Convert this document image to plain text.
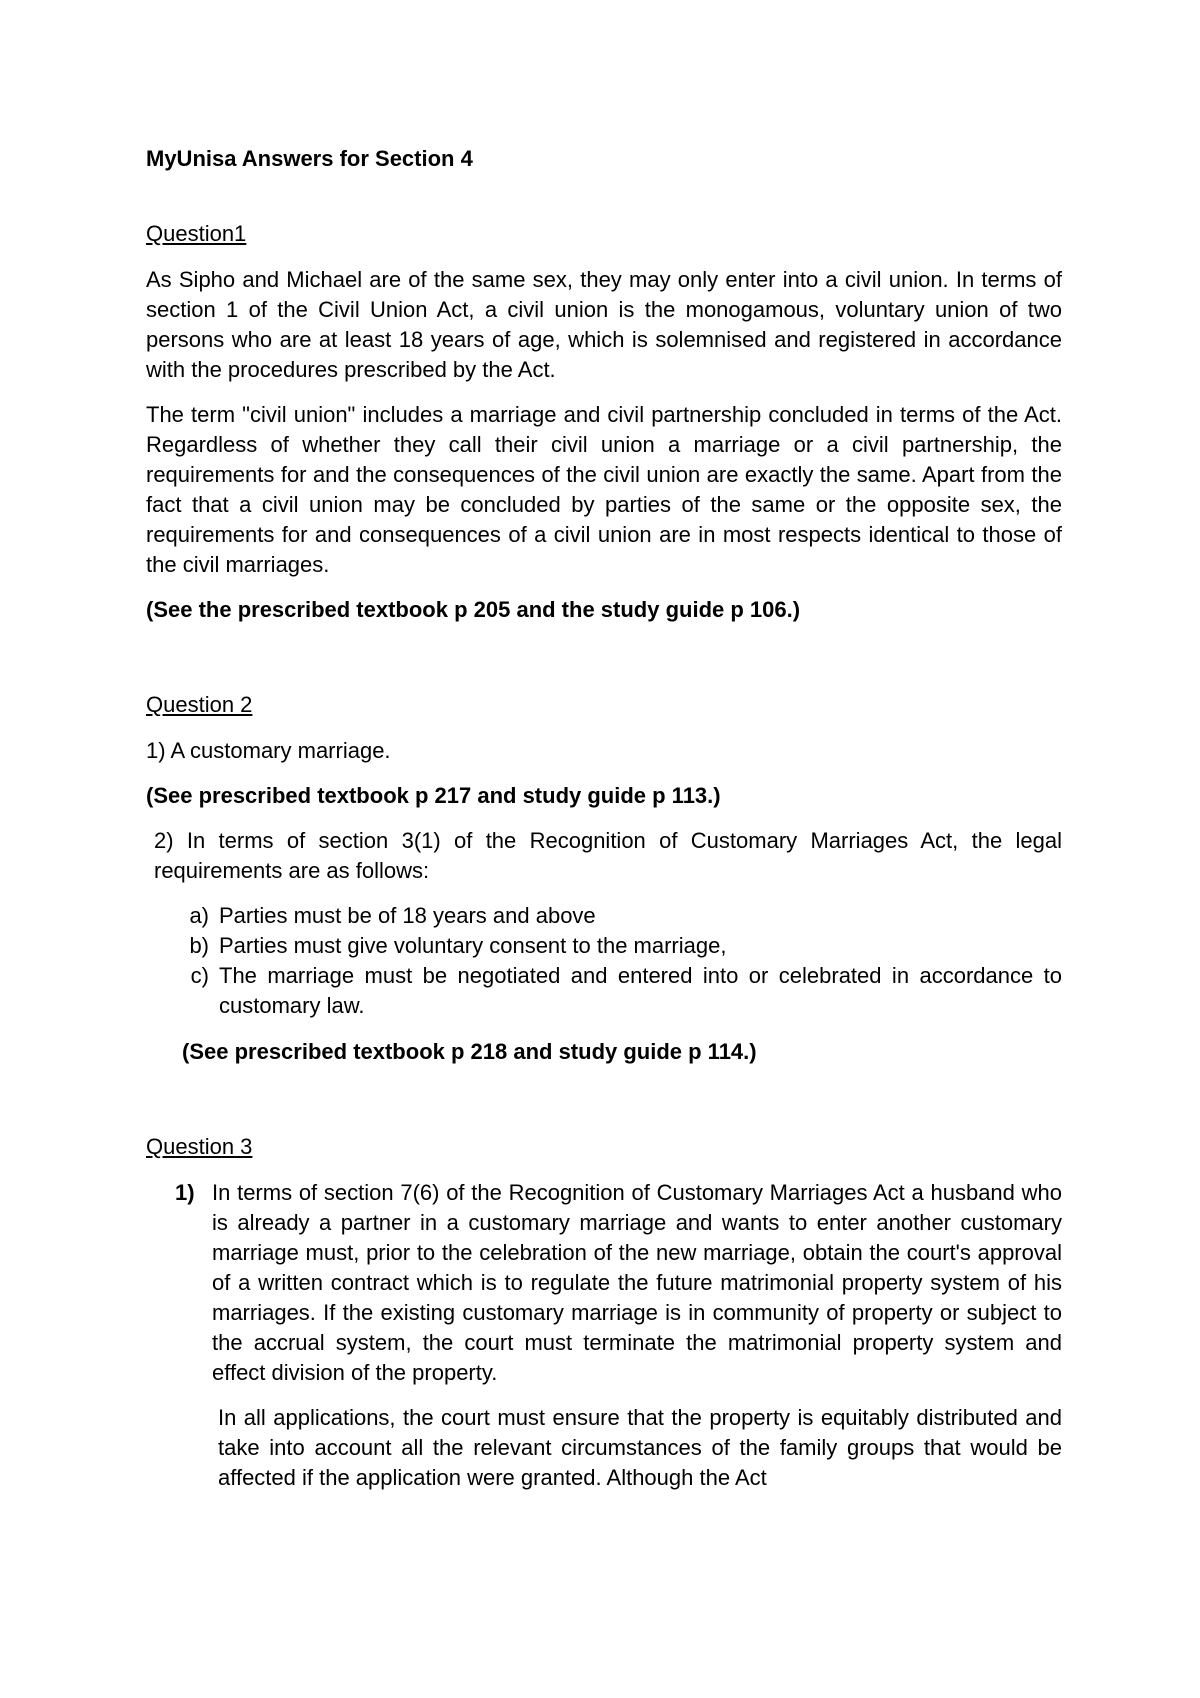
MyUnisa Answers for Section 4
Question1

As Sipho and Michael are of the same sex, they may only enter into a civil union. In terms of section 1 of the Civil Union Act, a civil union is the monogamous, voluntary union of two persons who are at least 18 years of age, which is solemnised and registered in accordance with the procedures prescribed by the Act.

The term "civil union" includes a marriage and civil partnership concluded in terms of the Act. Regardless of whether they call their civil union a marriage or a civil partnership, the requirements for and the consequences of the civil union are exactly the same. Apart from the fact that a civil union may be concluded by parties of the same or the opposite sex, the requirements for and consequences of a civil union are in most respects identical to those of the civil marriages.

(See the prescribed textbook p 205 and the study guide p 106.)
Question 2

1) A customary marriage.

(See prescribed textbook p 217 and study guide p 113.)

2) In terms of section 3(1) of the Recognition of Customary Marriages Act, the legal requirements are as follows:

a) Parties must be of 18 years and above
b) Parties must give voluntary consent to the marriage,
c) The marriage must be negotiated and entered into or celebrated in accordance to customary law.
(See prescribed textbook p 218 and study guide p 114.)
Question 3
1) In terms of section 7(6) of the Recognition of Customary Marriages Act a husband who is already a partner in a customary marriage and wants to enter another customary marriage must, prior to the celebration of the new marriage, obtain the court's approval of a written contract which is to regulate the future matrimonial property system of his marriages. If the existing customary marriage is in community of property or subject to the accrual system, the court must terminate the matrimonial property system and effect division of the property.

In all applications, the court must ensure that the property is equitably distributed and take into account all the relevant circumstances of the family groups that would be affected if the application were granted. Although the Act
